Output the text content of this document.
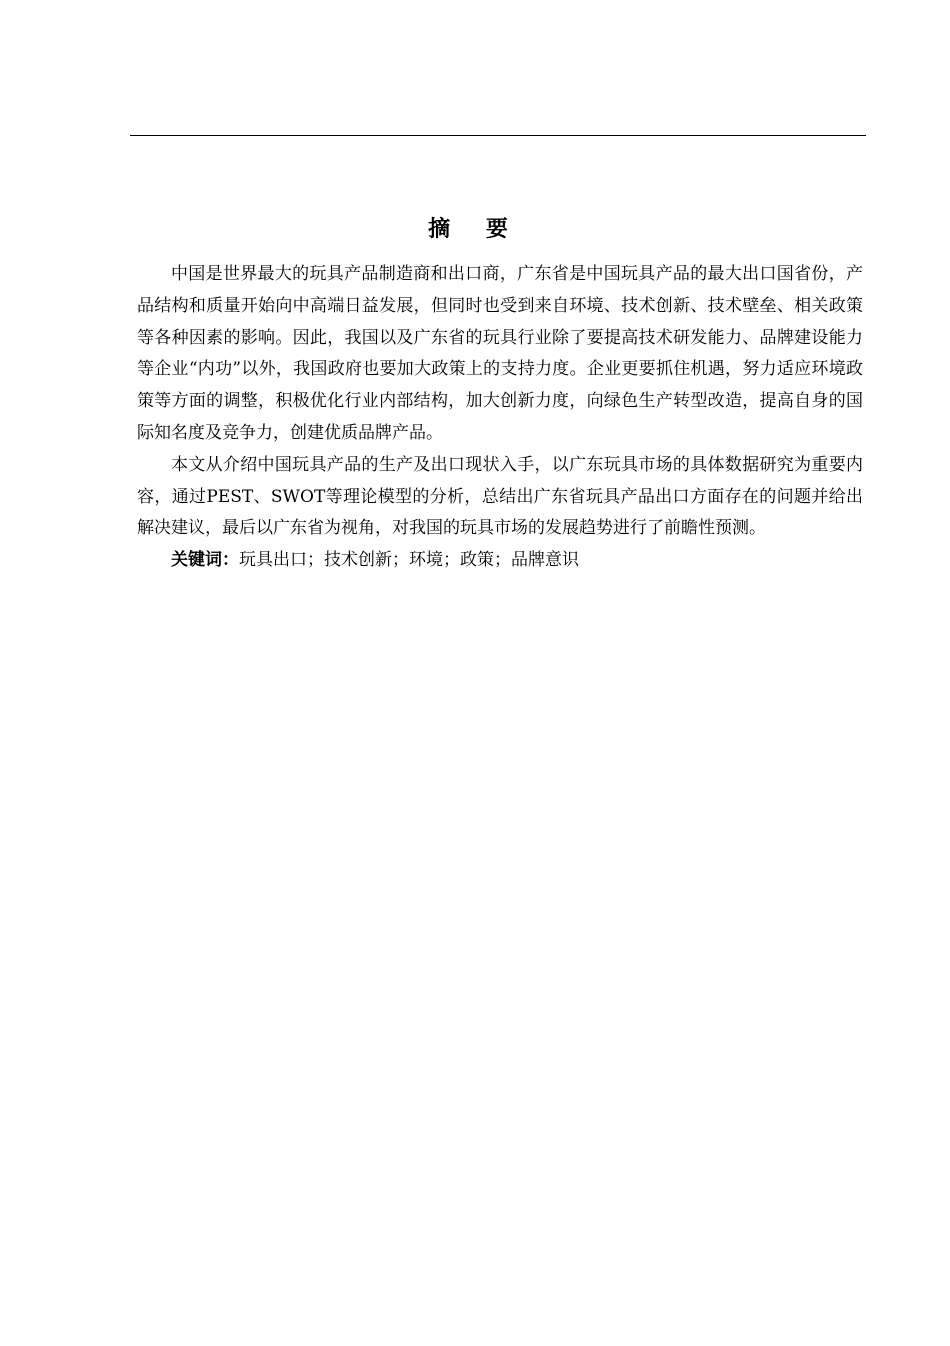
摘 要

中国是世界最大的玩具产品制造商和出口商，广东省是中国玩具产品的最大出口国省份，产品结构和质量开始向中高端日益发展，但同时也受到来自环境、技术创新、技术壁垒、相关政策等各种因素的影响。因此，我国以及广东省的玩具行业除了要提高技术研发能力、品牌建设能力等企业“内功”以外，我国政府也要加大政策上的支持力度。企业更要抓住机遇，努力适应环境政策等方面的调整，积极优化行业内部结构，加大创新力度，向绿色生产转型改造，提高自身的国际知名度及竞争力，创建优质品牌产品。

本文从介绍中国玩具产品的生产及出口现状入手，以广东玩具市场的具体数据研究为重要内容，通过PEST、SWOT等理论模型的分析，总结出广东省玩具产品出口方面存在的问题并给出解决建议，最后以广东省为视角，对我国的玩具市场的发展趋势进行了前瞻性预测。

关键词：玩具出口；技术创新；环境；政策；品牌意识
